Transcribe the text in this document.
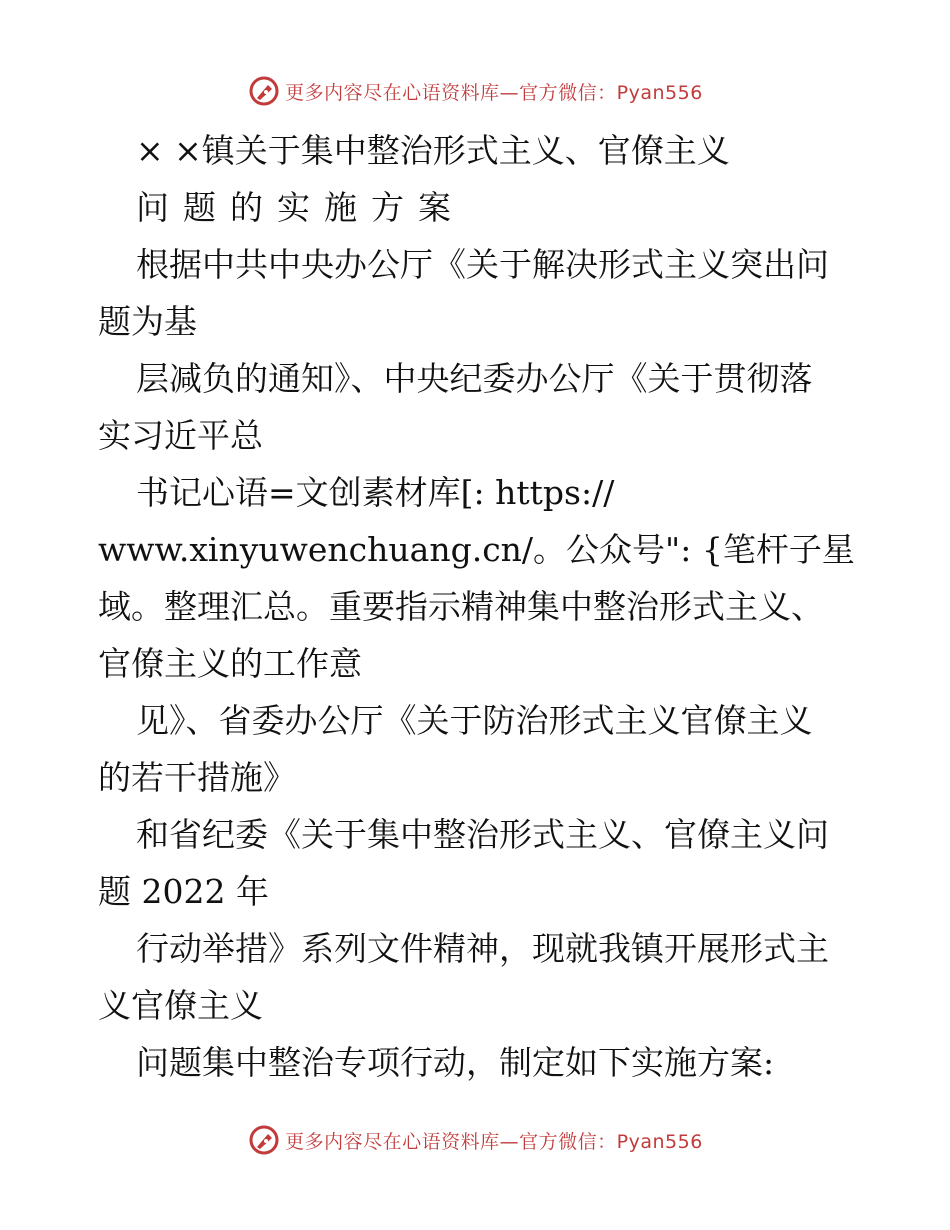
更多内容尽在心语资料库—官方微信：Pyan556
× ×镇关于集中整治形式主义、官僚主义
问题的实施方案
根据中共中央办公厅《关于解决形式主义突出问
题为基
层减负的通知》、中央纪委办公厅《关于贯彻落
实习近平总
书记心语=文创素材库[: https://
www.xinyuwenchuang.cn/。公众号": {笔杆子星
域。整理汇总。重要指示精神集中整治形式主义、
官僚主义的工作意
见》、省委办公厅《关于防治形式主义官僚主义
的若干措施》
和省纪委《关于集中整治形式主义、官僚主义问
题 2022 年
行动举措》系列文件精神，现就我镇开展形式主
义官僚主义
问题集中整治专项行动，制定如下实施方案:
更多内容尽在心语资料库—官方微信：Pyan556
